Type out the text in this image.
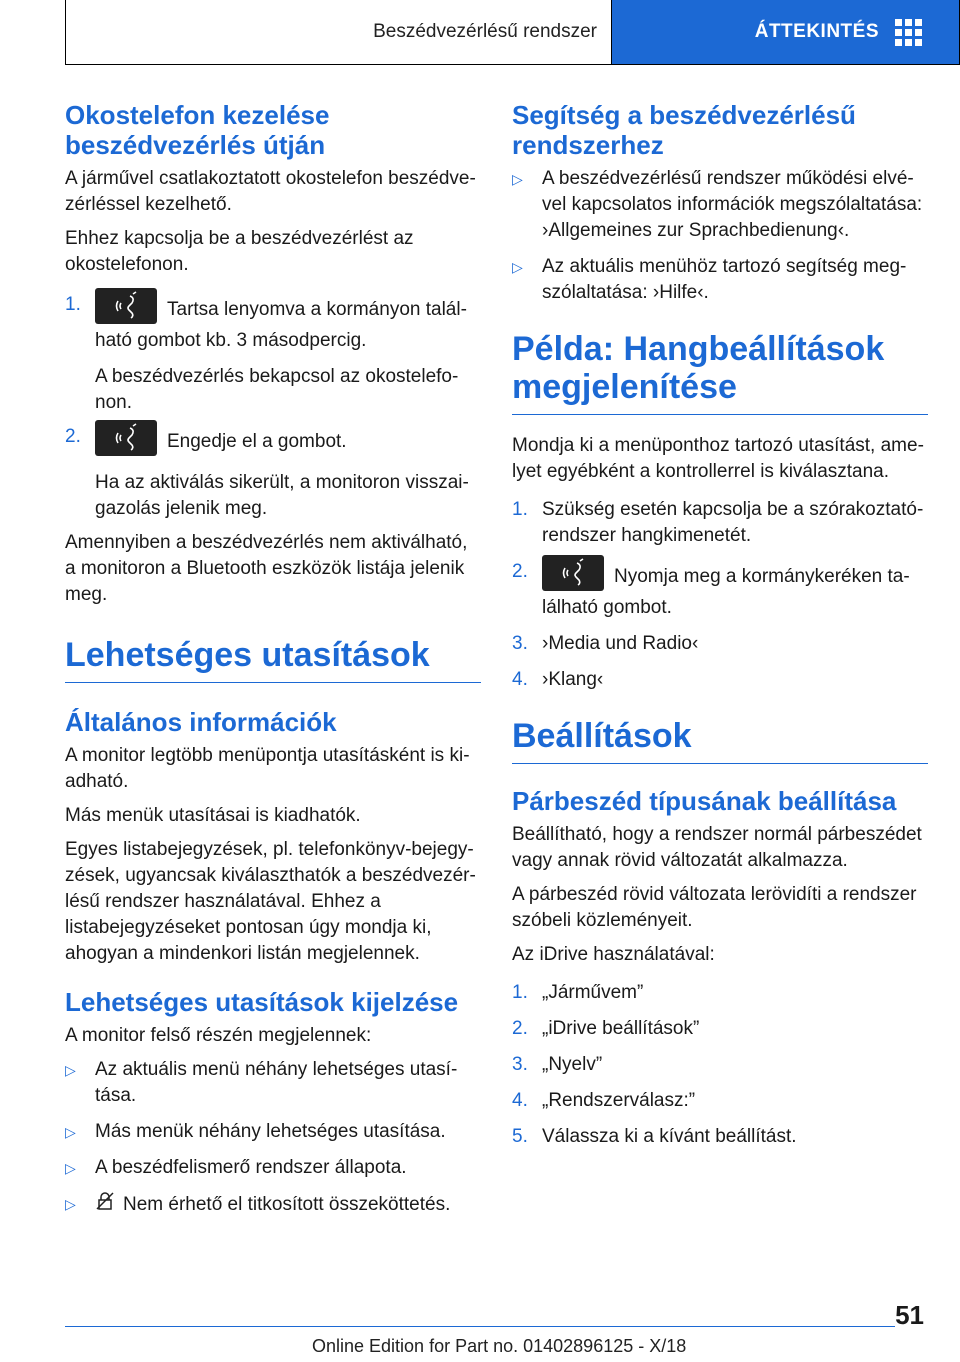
Beszédvezérlésű rendszer	ÁTTEKINTÉS
Okostelefon kezelése beszédvezérlés útján

A járművel csatlakoztatott okostelefon beszédvezérléssel kezelhető.

Ehhez kapcsolja be a beszédvezérlést az okostelefonon.

1.	Tartsa lenyomva a kormányon található gombot kb. 3 másodpercig.
A beszédvezérlés bekapcsol az okostelefonon.
2.	Engedje el a gombot.
Ha az aktiválás sikerült, a monitoron visszaigazolás jelenik meg.

Amennyiben a beszédvezérlés nem aktiválható, a monitoron a Bluetooth eszközök listája jelenik meg.

Lehetséges utasítások
Általános információk

A monitor legtöbb menüpontja utasításként is kiadható.

Más menük utasításai is kiadhatók.

Egyes listabejegyzések, pl. telefonkönyv-bejegyzések, ugyancsak kiválaszthatók a beszédvezérlésű rendszer használatával. Ehhez a listabejegyzéseket pontosan úgy mondja ki, ahogyan a mindenkori listán megjelennek.

Lehetséges utasítások kijelzése

A monitor felső részén megjelennek:

▷	Az aktuális menü néhány lehetséges utasítása.
▷	Más menük néhány lehetséges utasítása.
▷	A beszédfelismerő rendszer állapota.
▷	Nem érhető el titkosított összeköttetés.
Segítség a beszédvezérlésű rendszerhez
▷	A beszédvezérlésű rendszer működési elvével kapcsolatos információk megszólaltatása: ›Allgemeines zur Sprachbedienung‹.
▷	Az aktuális menühöz tartozó segítség megszólaltatása: ›Hilfe‹.
Példa: Hangbeállítások megjelenítése

Mondja ki a menüponthoz tartozó utasítást, amelyet egyébként a kontrollerrel is kiválasztana.

1. Szükség esetén kapcsolja be a szórakoztatórendszer hangkimenetét.
2.	Nyomja meg a kormánykeréken található gombot.
3. ›Media und Radio‹
4. ›Klang‹
Beállítások
Párbeszéd típusának beállítása

Beállítható, hogy a rendszer normál párbeszédet vagy annak rövid változatát alkalmazza.

A párbeszéd rövid változata lerövidíti a rendszer szóbeli közleményeit.

Az iDrive használatával:

1. „Járművem”
2. „iDrive beállítások”
3. „Nyelv”
4. „Rendszerválasz:”
5. Válassza ki a kívánt beállítást.
51
Online Edition for Part no. 01402896125 - X/18
